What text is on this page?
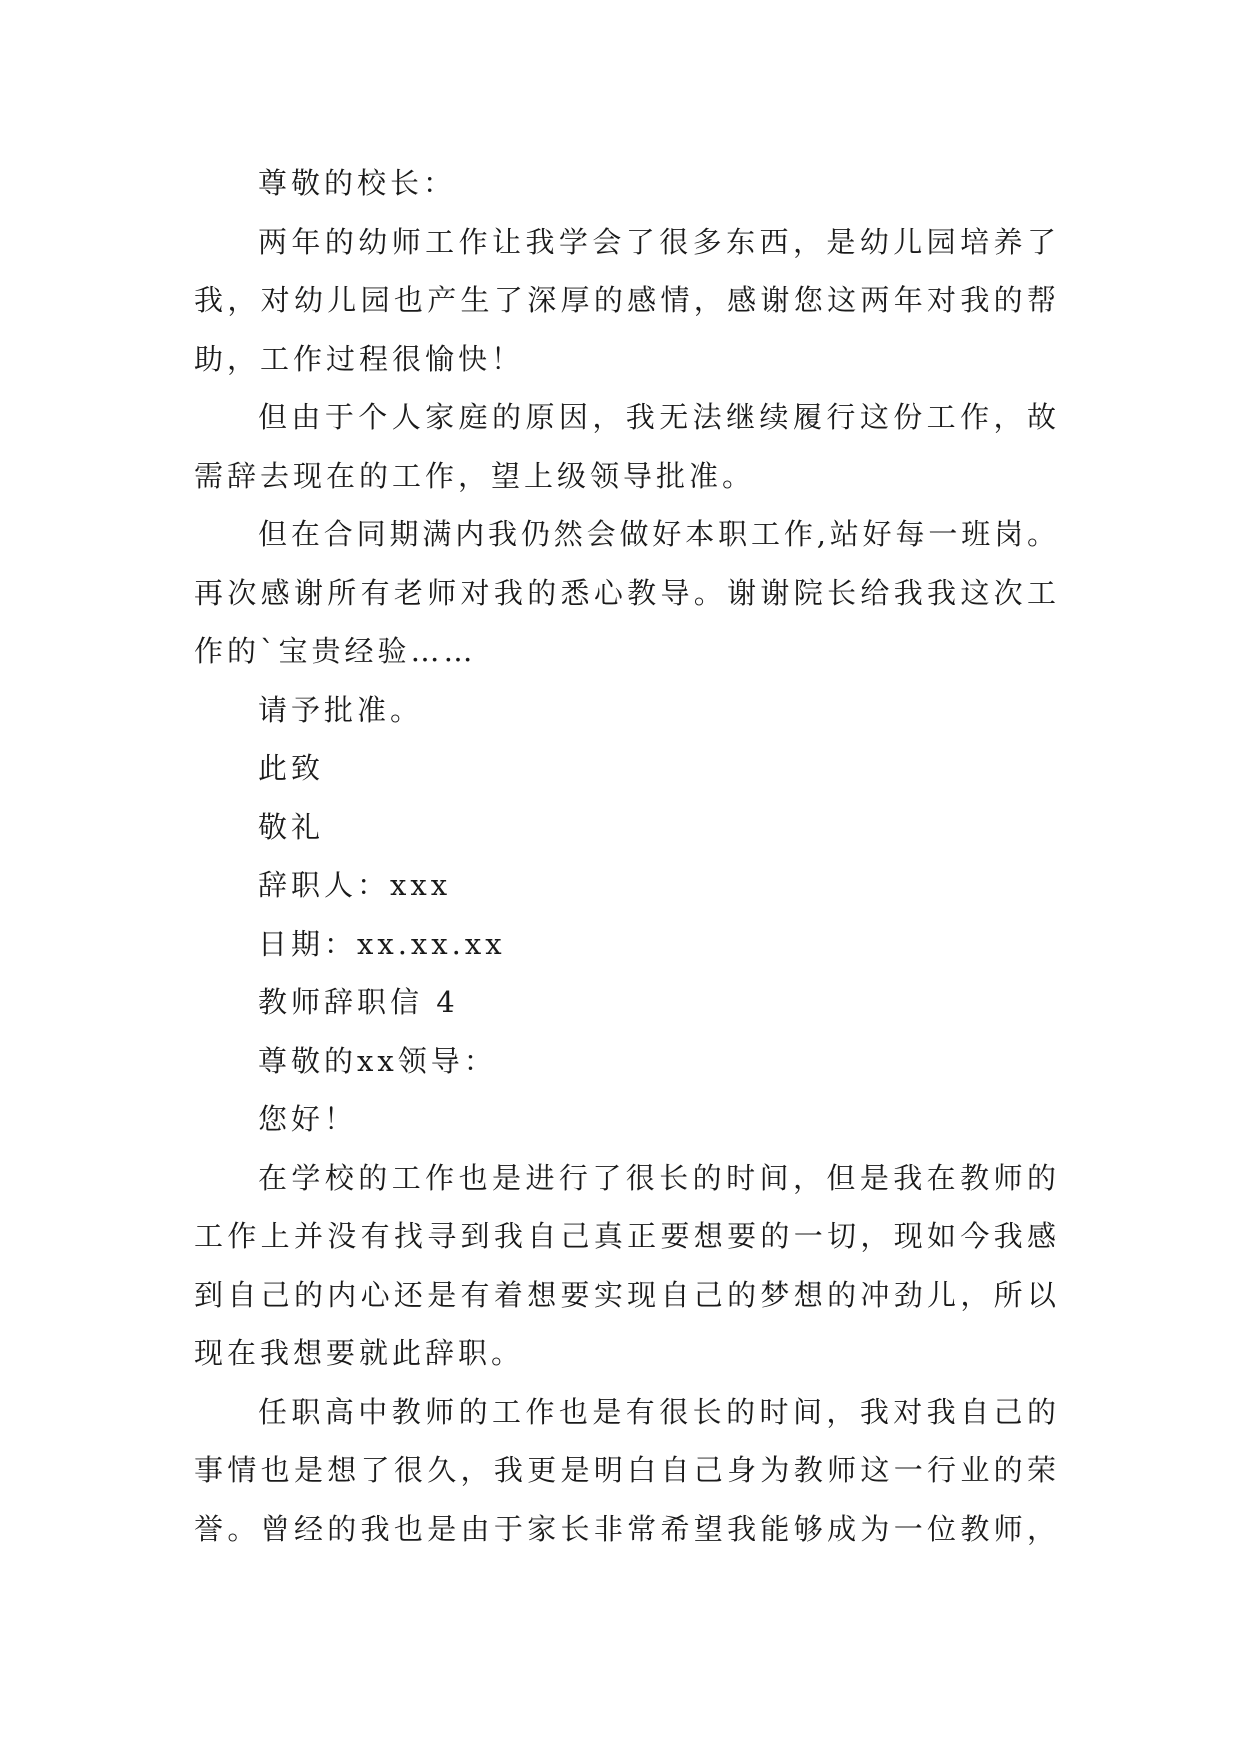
尊敬的校长：
两年的幼师工作让我学会了很多东西，是幼儿园培养了
我，对幼儿园也产生了深厚的感情，感谢您这两年对我的帮
助，工作过程很愉快！
但由于个人家庭的原因，我无法继续履行这份工作，故
需辞去现在的工作，望上级领导批准。
但在合同期满内我仍然会做好本职工作,站好每一班岗。
再次感谢所有老师对我的悉心教导。谢谢院长给我我这次工
作的`宝贵经验……
请予批准。
此致
敬礼
辞职人：xxx
日期：xx.xx.xx
教师辞职信 4
尊敬的xx领导：
您好！
在学校的工作也是进行了很长的时间，但是我在教师的
工作上并没有找寻到我自己真正要想要的一切，现如今我感
到自己的内心还是有着想要实现自己的梦想的冲劲儿，所以
现在我想要就此辞职。
任职高中教师的工作也是有很长的时间，我对我自己的
事情也是想了很久，我更是明白自己身为教师这一行业的荣
誉。曾经的我也是由于家长非常希望我能够成为一位教师，
